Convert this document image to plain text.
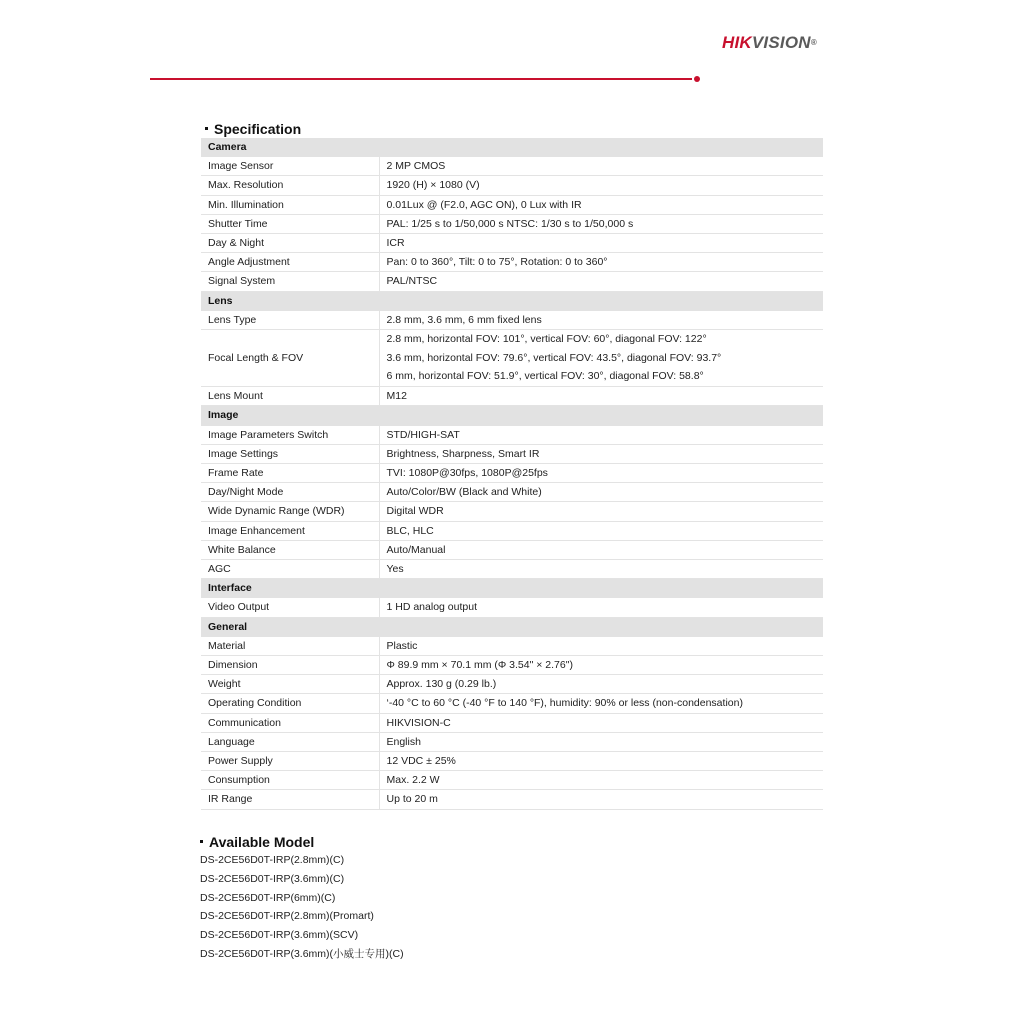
HIKVISION®
Specification
Camera	
Image Sensor	2 MP CMOS
Max. Resolution	1920 (H) × 1080 (V)
Min. Illumination	0.01Lux @ (F2.0, AGC ON), 0 Lux with IR
Shutter Time	PAL: 1/25 s to 1/50,000 s NTSC: 1/30 s to 1/50,000 s
Day & Night	ICR
Angle Adjustment	Pan: 0 to 360°, Tilt: 0 to 75°, Rotation: 0 to 360°
Signal System	PAL/NTSC
Lens	
Lens Type	2.8 mm, 3.6 mm, 6 mm fixed lens
Focal Length & FOV	2.8 mm, horizontal FOV: 101°, vertical FOV: 60°, diagonal FOV: 122°
3.6 mm, horizontal FOV: 79.6°, vertical FOV: 43.5°, diagonal FOV: 93.7°
6 mm, horizontal FOV: 51.9°, vertical FOV: 30°, diagonal FOV: 58.8°

Lens Mount	M12
Image	
Image Parameters Switch	STD/HIGH-SAT
Image Settings	Brightness, Sharpness, Smart IR
Frame Rate	TVI: 1080P@30fps, 1080P@25fps
Day/Night Mode	Auto/Color/BW (Black and White)
Wide Dynamic Range (WDR)	Digital WDR
Image Enhancement	BLC, HLC
White Balance	Auto/Manual
AGC	Yes
Interface	
Video Output	1 HD analog output
General	
Material	Plastic
Dimension	Φ 89.9 mm × 70.1 mm (Φ 3.54" × 2.76")
Weight	Approx. 130 g (0.29 lb.)
Operating Condition	‘-40 °C to 60 °C (-40 °F to 140 °F), humidity: 90% or less (non-condensation)
Communication	HIKVISION-C
Language	English
Power Supply	12 VDC ± 25%
Consumption	Max. 2.2 W
IR Range	Up to 20 m
Available Model
DS-2CE56D0T-IRP(2.8mm)(C)
DS-2CE56D0T-IRP(3.6mm)(C)
DS-2CE56D0T-IRP(6mm)(C)
DS-2CE56D0T-IRP(2.8mm)(Promart)
DS-2CE56D0T-IRP(3.6mm)(SCV)
DS-2CE56D0T-IRP(3.6mm)(小威士专用)(C)
